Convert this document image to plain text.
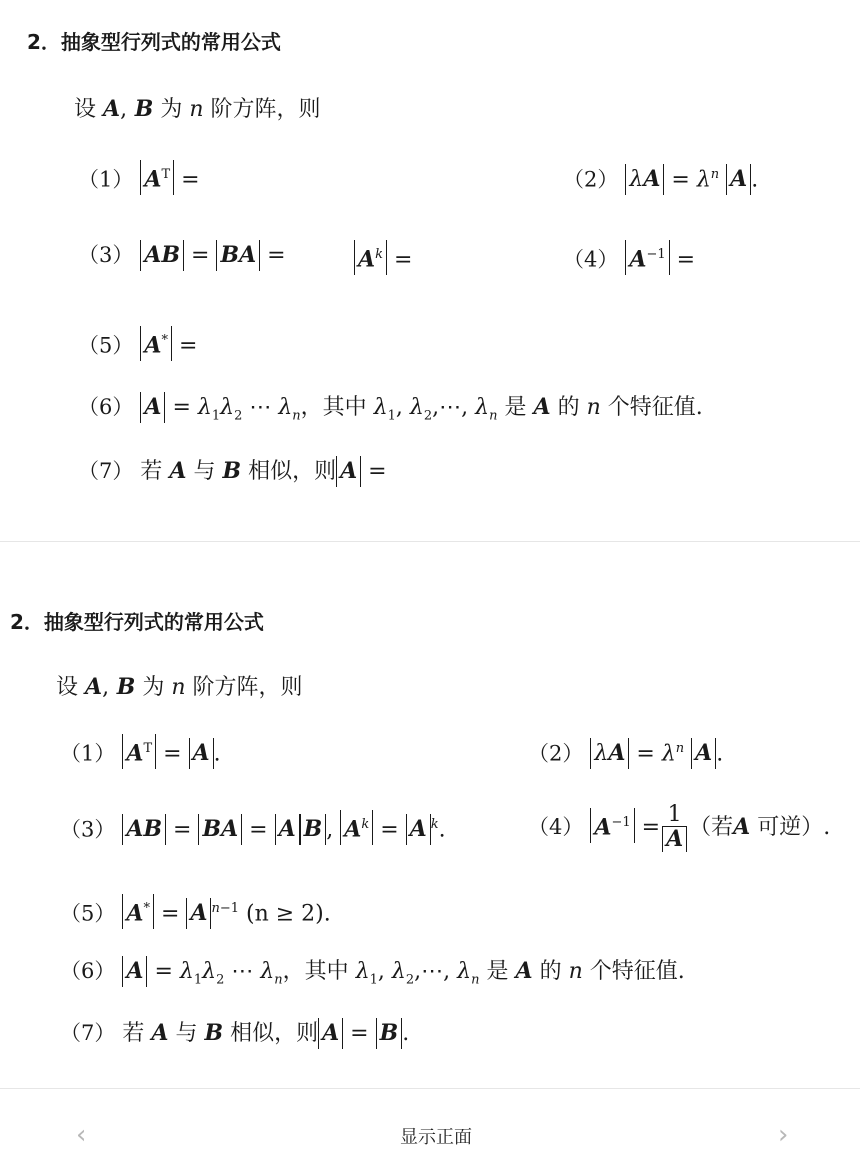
2．抽象型行列式的常用公式
设 A, B 为 n 阶方阵，则
（1） $A^T$ =	（2） $\lambda A = \lambda^n$ A .
（3） AB = BA =	$A^k$ =	（4） $A^{-1}$ =
（5） A* =
（6） $A = \lambda_1\lambda_2$ ⋯ $\lambda_n$，其中 $\lambda_1$, $\lambda_2,\cdots$, $\lambda_n$ 是 A 的 n 个特征值.
（7） 若 A 与 B 相似，则 A =
2．抽象型行列式的常用公式
设 A, B 为 n 阶方阵，则
（1） $A^T = A$ .	（2） $\lambda A = \lambda^n$ A .
（3） AB = BA = A B , $A^k = A$ $^k$.	（4） $A^{-1} = \frac{1}{A}$ （若A 可逆）.
（5） A* = A $^{n-1}$ (n ≥ 2).
（6） $A = \lambda_1\lambda_2$ ⋯ $\lambda_n$，其中 $\lambda_1$, $\lambda_2,\cdots$, $\lambda_n$ 是 A 的 n 个特征值.
（7） 若 A 与 B 相似，则 A = B .
‹	显示正面	›
